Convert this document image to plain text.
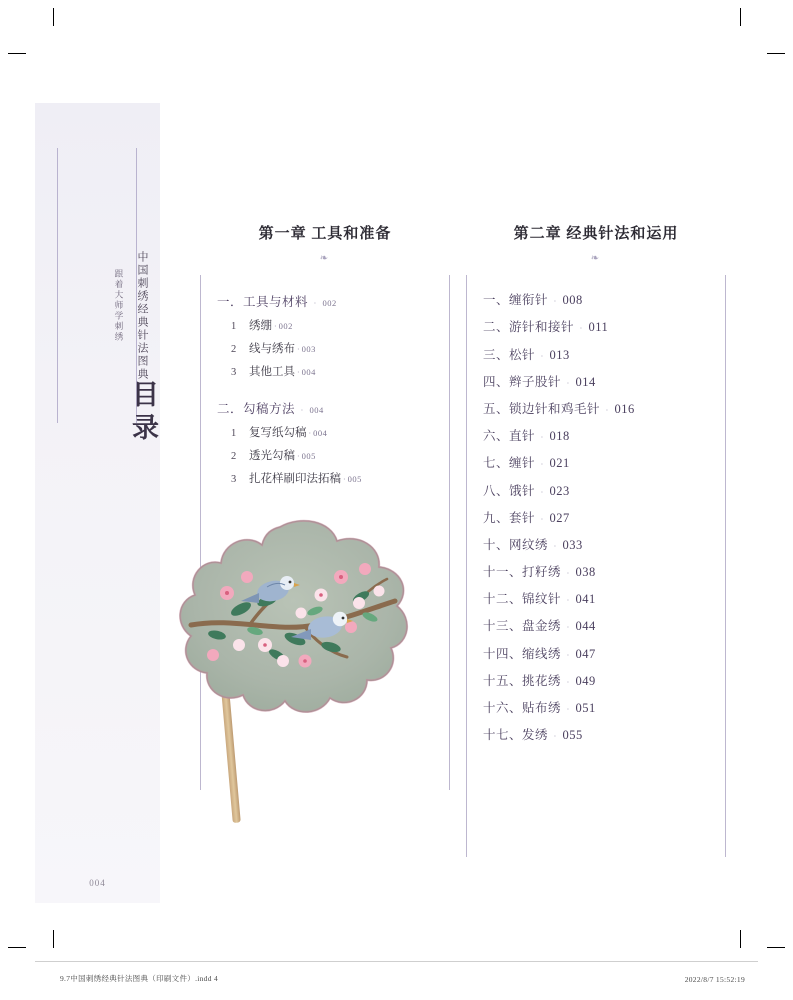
中国刺绣经典针法图典
跟着大师学刺绣
目录
004
第一章 工具和准备
❧
一．工具与材料 · 002
1	绣绷 · 002
2	线与绣布 · 003
3	其他工具 · 004
二．勾稿方法 · 004
1	复写纸勾稿 · 004
2	透光勾稿 · 005
3	扎花样刷印法拓稿 · 005
第二章 经典针法和运用
❧
一、缠衔针 · 008
二、游针和接针 · 011
三、松针 · 013
四、辫子股针 · 014
五、锁边针和鸡毛针 · 016
六、直针 · 018
七、缠针 · 021
八、饿针 · 023
九、套针 · 027
十、网纹绣 · 033
十一、打籽绣 · 038
十二、锦纹针 · 041
十三、盘金绣 · 044
十四、缩线绣 · 047
十五、挑花绣 · 049
十六、贴布绣 · 051
十七、发绣 · 055
9.7中国刺绣经典针法图典（印刷文件）.indd 4	2022/8/7 15:52:19
